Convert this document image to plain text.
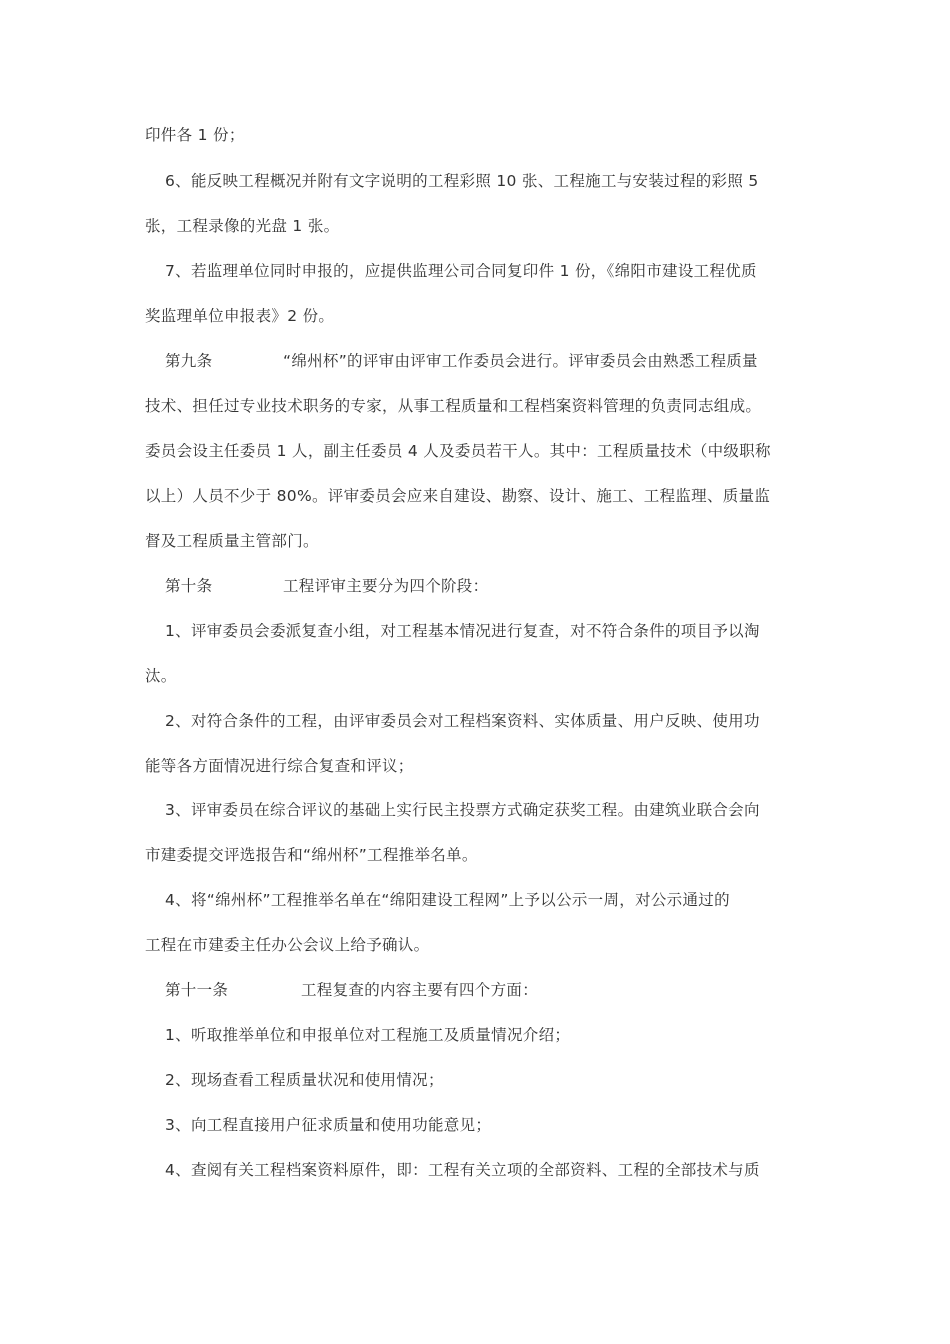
印件各 1 份；
6、能反映工程概况并附有文字说明的工程彩照 10 张、工程施工与安装过程的彩照 5
张，工程录像的光盘 1 张。
7、若监理单位同时申报的，应提供监理公司合同复印件 1 份，《绵阳市建设工程优质
奖监理单位申报表》2 份。
第九条	“绵州杯”的评审由评审工作委员会进行。评审委员会由熟悉工程质量
技术、担任过专业技术职务的专家，从事工程质量和工程档案资料管理的负责同志组成。
委员会设主任委员 1 人，副主任委员 4 人及委员若干人。其中：工程质量技术（中级职称
以上）人员不少于 80%。评审委员会应来自建设、勘察、设计、施工、工程监理、质量监
督及工程质量主管部门。
第十条	工程评审主要分为四个阶段：
1、评审委员会委派复查小组，对工程基本情况进行复查，对不符合条件的项目予以淘
汰。
2、对符合条件的工程，由评审委员会对工程档案资料、实体质量、用户反映、使用功
能等各方面情况进行综合复查和评议；
3、评审委员在综合评议的基础上实行民主投票方式确定获奖工程。由建筑业联合会向
市建委提交评选报告和“绵州杯”工程推举名单。
4、将“绵州杯”工程推举名单在“绵阳建设工程网”上予以公示一周，对公示通过的
工程在市建委主任办公会议上给予确认。
第十一条	工程复查的内容主要有四个方面：
1、听取推举单位和申报单位对工程施工及质量情况介绍；
2、现场查看工程质量状况和使用情况；
3、向工程直接用户征求质量和使用功能意见；
4、查阅有关工程档案资料原件，即：工程有关立项的全部资料、工程的全部技术与质
